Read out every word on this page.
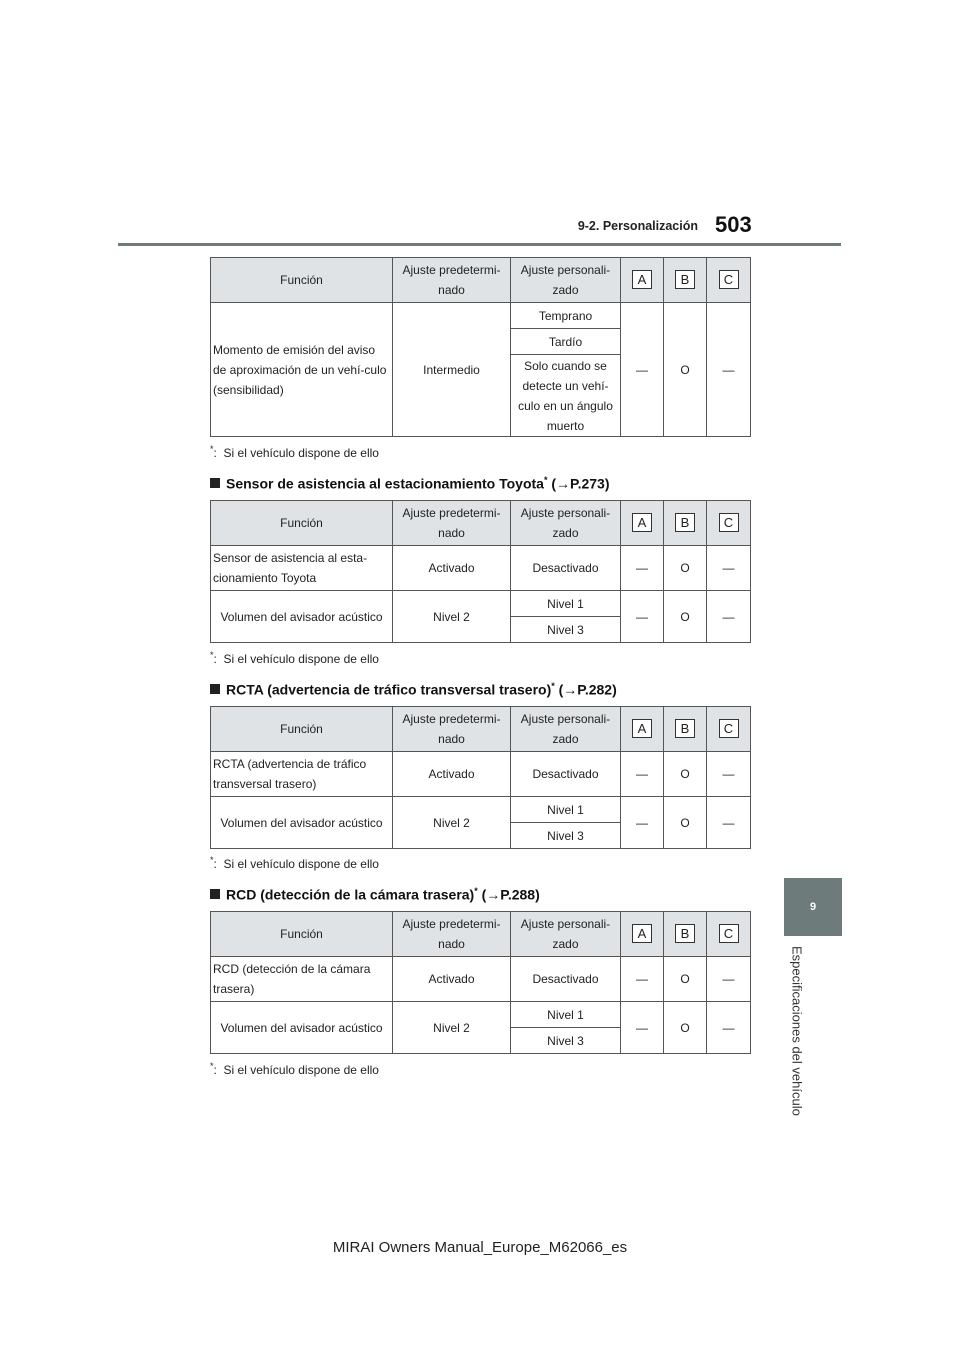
9-2. Personalización 503
9
Especificaciones del vehículo
Función	Ajuste predetermi-nado	Ajuste personali-zado	A	B	C
Momento de emisión del aviso de aproximación de un vehí-culo (sensibilidad)	Intermedio	Temprano	—	O	—
		Tardío			
		Solo cuando se detecte un vehí-culo en un ángulo muerto			
*:  Si el vehículo dispone de ello
Sensor de asistencia al estacionamiento Toyota* (→P.273)
Función	Ajuste predetermi-nado	Ajuste personali-zado	A	B	C
Sensor de asistencia al esta-cionamiento Toyota	Activado	Desactivado	—	O	—
Volumen del avisador acústico	Nivel 2	Nivel 1	—	O	—
		Nivel 3			
*:  Si el vehículo dispone de ello
RCTA (advertencia de tráfico transversal trasero)* (→P.282)
Función	Ajuste predetermi-nado	Ajuste personali-zado	A	B	C
RCTA (advertencia de tráfico transversal trasero)	Activado	Desactivado	—	O	—
Volumen del avisador acústico	Nivel 2	Nivel 1	—	O	—
		Nivel 3			
*:  Si el vehículo dispone de ello
RCD (detección de la cámara trasera)* (→P.288)
Función	Ajuste predetermi-nado	Ajuste personali-zado	A	B	C
RCD (detección de la cámara trasera)	Activado	Desactivado	—	O	—
Volumen del avisador acústico	Nivel 2	Nivel 1	—	O	—
		Nivel 3			
*:  Si el vehículo dispone de ello
MIRAI Owners Manual_Europe_M62066_es
